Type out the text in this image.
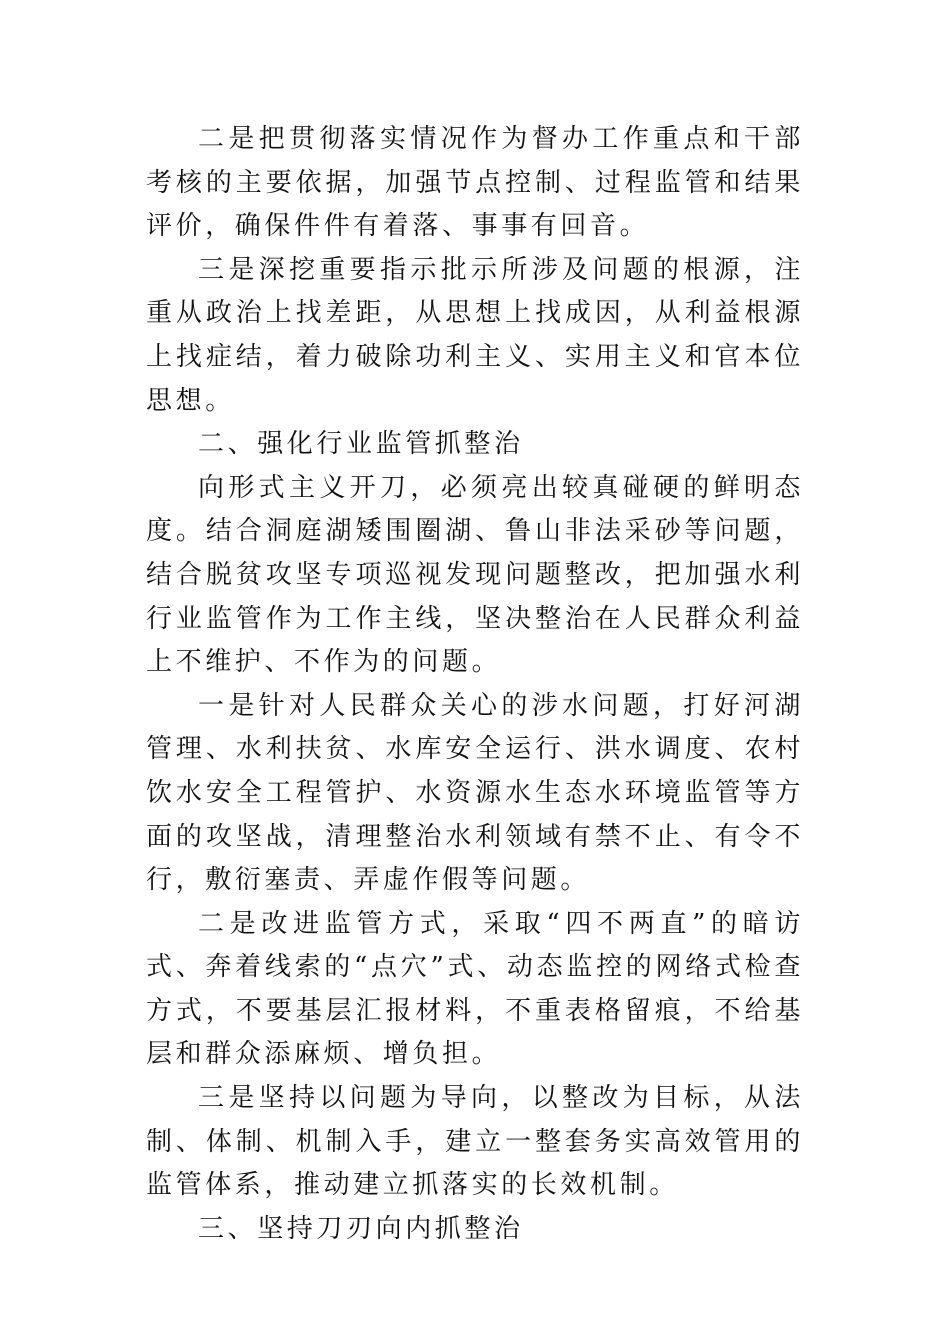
二是把贯彻落实情况作为督办工作重点和干部考核的主要依据，加强节点控制、过程监管和结果评价，确保件件有着落、事事有回音。

三是深挖重要指示批示所涉及问题的根源，注重从政治上找差距，从思想上找成因，从利益根源上找症结，着力破除功利主义、实用主义和官本位思想。

二、强化行业监管抓整治

向形式主义开刀，必须亮出较真碰硬的鲜明态度。结合洞庭湖矮围圈湖、鲁山非法采砂等问题，结合脱贫攻坚专项巡视发现问题整改，把加强水利行业监管作为工作主线，坚决整治在人民群众利益上不维护、不作为的问题。

一是针对人民群众关心的涉水问题，打好河湖管理、水利扶贫、水库安全运行、洪水调度、农村饮水安全工程管护、水资源水生态水环境监管等方面的攻坚战，清理整治水利领域有禁不止、有令不行，敷衍塞责、弄虚作假等问题。

二是改进监管方式，采取“四不两直”的暗访式、奔着线索的“点穴”式、动态监控的网络式检查方式，不要基层汇报材料，不重表格留痕，不给基层和群众添麻烦、增负担。

三是坚持以问题为导向，以整改为目标，从法制、体制、机制入手，建立一整套务实高效管用的监管体系，推动建立抓落实的长效机制。

三、坚持刀刃向内抓整治
